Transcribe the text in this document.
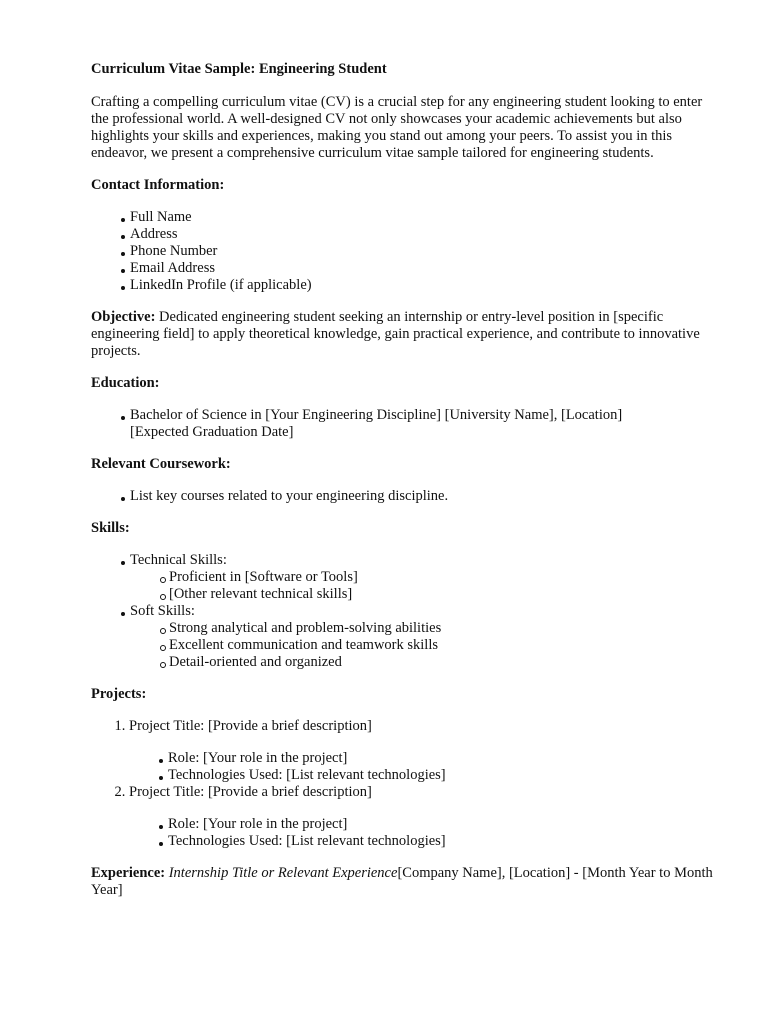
Curriculum Vitae Sample: Engineering Student

Crafting a compelling curriculum vitae (CV) is a crucial step for any engineering student looking to enter the professional world. A well-designed CV not only showcases your academic achievements but also highlights your skills and experiences, making you stand out among your peers. To assist you in this endeavor, we present a comprehensive curriculum vitae sample tailored for engineering students.

Contact Information:

Full Name
Address
Phone Number
Email Address
LinkedIn Profile (if applicable)

Objective: Dedicated engineering student seeking an internship or entry-level position in [specific engineering field] to apply theoretical knowledge, gain practical experience, and contribute to innovative projects.

Education:

Bachelor of Science in [Your Engineering Discipline] [University Name], [Location] [Expected Graduation Date]

Relevant Coursework:

List key courses related to your engineering discipline.

Skills:

Technical Skills:
Proficient in [Software or Tools]
[Other relevant technical skills]
Soft Skills:
Strong analytical and problem-solving abilities
Excellent communication and teamwork skills
Detail-oriented and organized

Projects:

1. Project Title: [Provide a brief description]
Role: [Your role in the project]
Technologies Used: [List relevant technologies]
2. Project Title: [Provide a brief description]
Role: [Your role in the project]
Technologies Used: [List relevant technologies]

Experience: Internship Title or Relevant Experience[Company Name], [Location] - [Month Year to Month Year]
